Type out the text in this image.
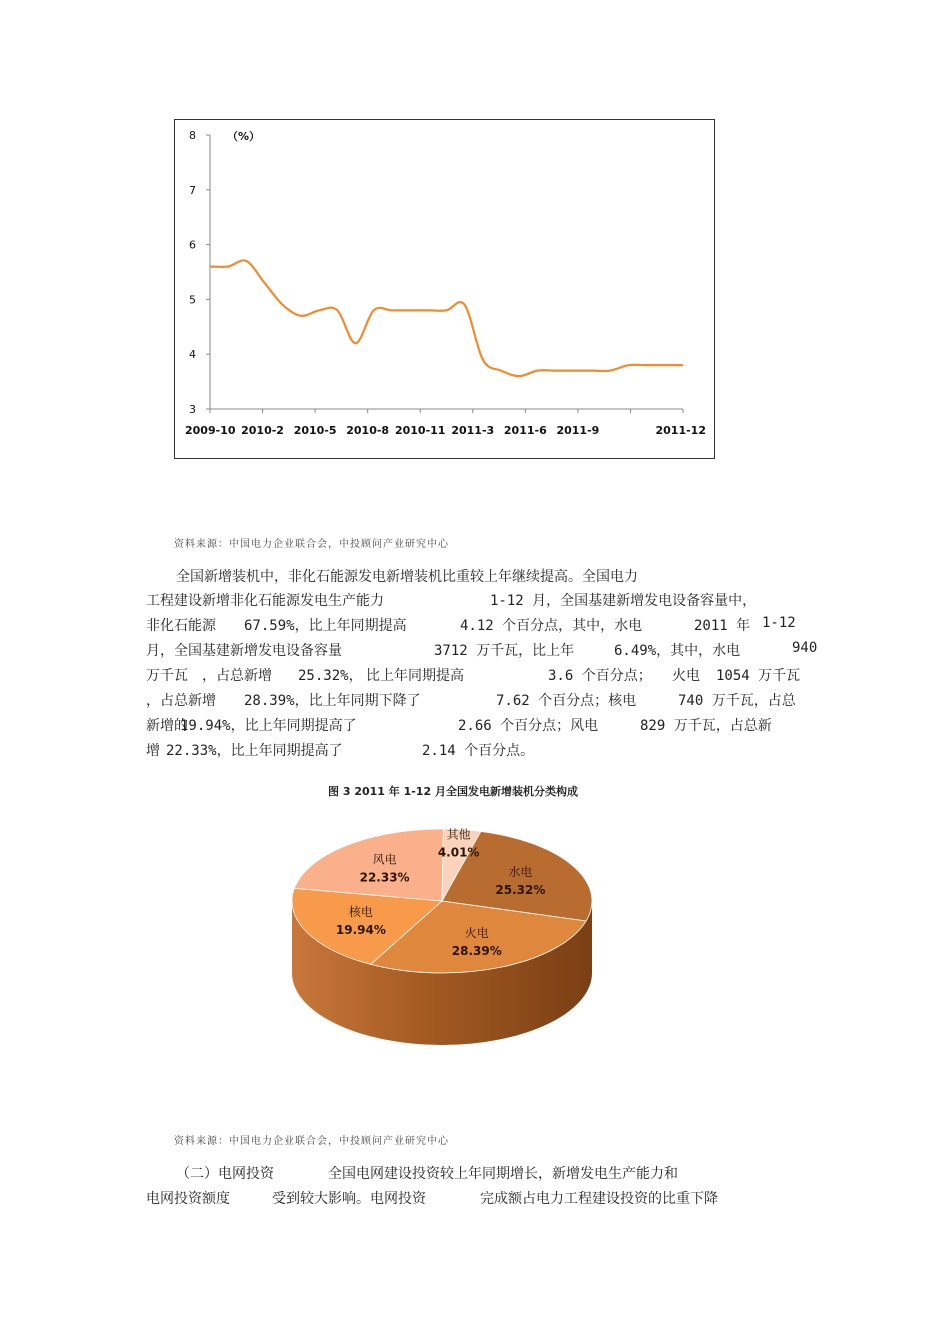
3
4
5
6
7
8	（%）
2009-10 2010-2 2010-5 2010-8 2010-11 2011-3 2011-6 2011-9	2011-12
资料来源：中国电力企业联合会，中投顾问产业研究中心
全国新增装机中，非化石能源发电新增装机比重较上年继续提高。全国电力
工程建设新增非化石能源发电生产能力	1-12 月，全国基建新增发电设备容量中，
非化石能源 67.59%，比上年同期提高	4.12 个百分点，其中，水电	2011 年 1-12
月，全国基建新增发电设备容量	3712 万千瓦，比上年	6.49%，其中，水电	940
万千瓦 ，占总新增 25.32%， 比上年同期提高	3.6 个百分点； 火电 1054 万千瓦
，占总新增 28.39%，比上年同期下降了	7.62 个百分点；核电	740 万千瓦，占总
新增的
19.94%，比上年同期提高了	2.66 个百分点；风电	829 万千瓦，占总新
增 22.33%，比上年同期提高了	2.14 个百分点。
图 3 2011 年 1-12 月全国发电新增装机分类构成
水电
25.32%
火电
28.39%
核电
19.94%
风电
22.33%
其他
4.01%
资料来源：中国电力企业联合会，中投顾问产业研究中心
（二）电网投资	全国电网建设投资较上年同期增长，新增发电生产能力和
电网投资额度	受到较大影响。电网投资	完成额占电力工程建设投资的比重下降
